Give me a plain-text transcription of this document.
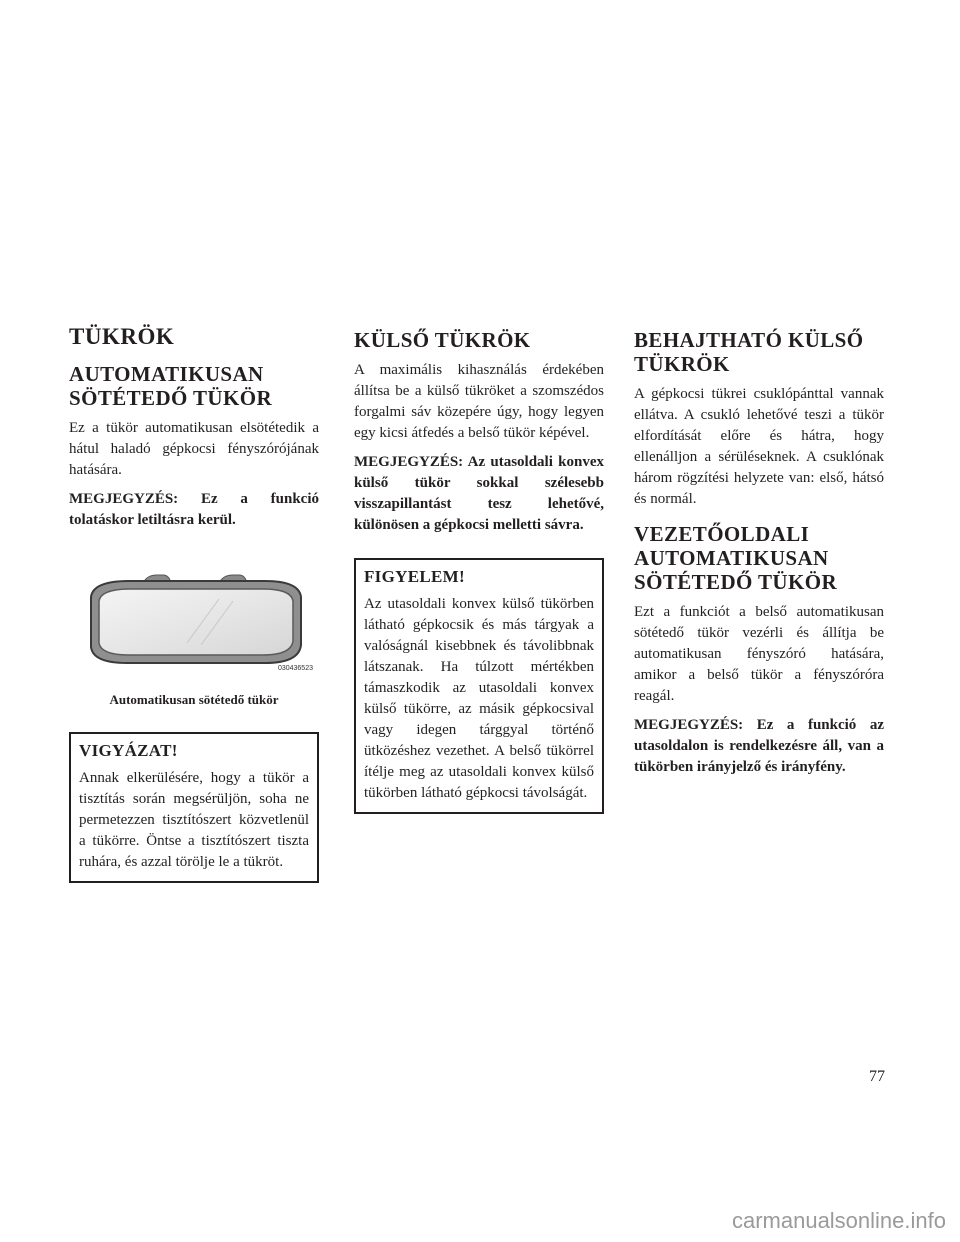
TÜKRÖK
AUTOMATIKUSAN SÖTÉTEDŐ TÜKÖR

Ez a tükör automatikusan elsötétedik a hátul haladó gépkocsi fényszórójának hatására.

MEGJEGYZÉS: Ez a funkció tolatáskor letiltásra kerül.

030436523

Automatikusan sötétedő tükör

VIGYÁZAT!

Annak elkerülésére, hogy a tükör a tisztítás során megsérüljön, soha ne permetezzen tisztítószert közvetlenül a tükörre. Öntse a tisztítószert tiszta ruhára, és azzal törölje le a tükröt.

KÜLSŐ TÜKRÖK

A maximális kihasználás érdekében állítsa be a külső tükröket a szomszédos forgalmi sáv közepére úgy, hogy legyen egy kicsi átfedés a belső tükör képével.

MEGJEGYZÉS: Az utasoldali konvex külső tükör sokkal szélesebb visszapillantást tesz lehetővé, különösen a gépkocsi melletti sávra.

FIGYELEM!

Az utasoldali konvex külső tükörben látható gépkocsik és más tárgyak a valóságnál kisebbnek és távolibbnak látszanak. Ha túlzott mértékben támaszkodik az utasoldali konvex külső tükörre, az másik gépkocsival vagy idegen tárggyal történő ütközéshez vezethet. A belső tükörrel ítélje meg az utasoldali konvex külső tükörben látható gépkocsi távolságát.

BEHAJTHATÓ KÜLSŐ TÜKRÖK

A gépkocsi tükrei csuklópánttal vannak ellátva. A csukló lehetővé teszi a tükör elfordítását előre és hátra, hogy ellenálljon a sérüléseknek. A csuklónak három rögzítési helyzete van: első, hátsó és normál.

VEZETŐOLDALI AUTOMATIKUSAN SÖTÉTEDŐ TÜKÖR

Ezt a funkciót a belső automatikusan sötétedő tükör vezérli és állítja be automatikusan fényszóró hatására, amikor a belső tükör a fényszóróra reagál.

MEGJEGYZÉS: Ez a funkció az utasoldalon is rendelkezésre áll, van a tükörben irányjelző és irányfény.

77
carmanualsonline.info
